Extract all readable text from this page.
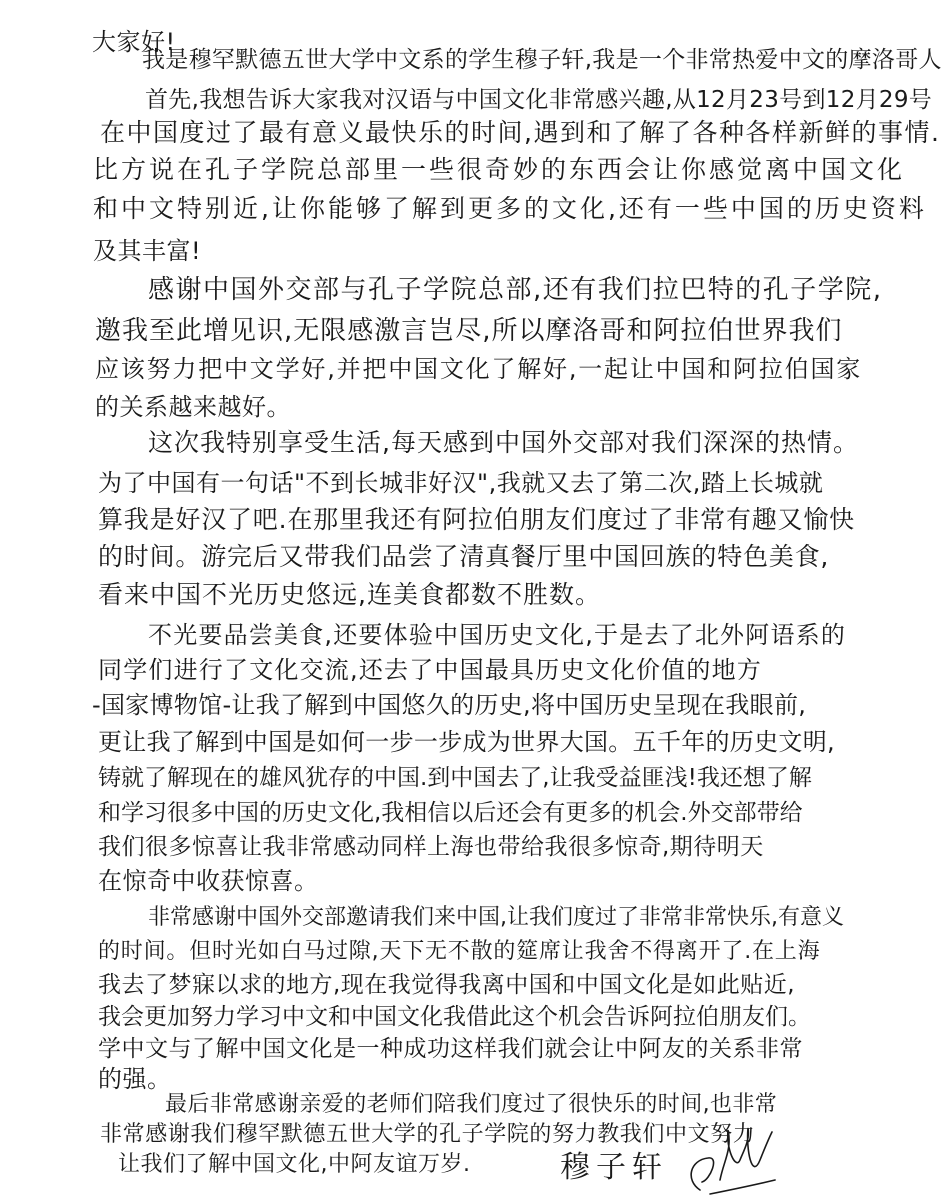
大家好!
我是穆罕默德五世大学中文系的学生穆子轩,我是一个非常热爱中文的摩洛哥人
首先,我想告诉大家我对汉语与中国文化非常感兴趣,从12月23号到12月29号
在中国度过了最有意义最快乐的时间,遇到和了解了各种各样新鲜的事情.
比方说在孔子学院总部里一些很奇妙的东西会让你感觉离中国文化
和中文特别近,让你能够了解到更多的文化,还有一些中国的历史资料
及其丰富!
感谢中国外交部与孔子学院总部,还有我们拉巴特的孔子学院,
邀我至此增见识,无限感激言岂尽,所以摩洛哥和阿拉伯世界我们
应该努力把中文学好,并把中国文化了解好,一起让中国和阿拉伯国家
的关系越来越好。
这次我特别享受生活,每天感到中国外交部对我们深深的热情。
为了中国有一句话"不到长城非好汉",我就又去了第二次,踏上长城就
算我是好汉了吧.在那里我还有阿拉伯朋友们度过了非常有趣又愉快
的时间。游完后又带我们品尝了清真餐厅里中国回族的特色美食,
看来中国不光历史悠远,连美食都数不胜数。
不光要品尝美食,还要体验中国历史文化,于是去了北外阿语系的
同学们进行了文化交流,还去了中国最具历史文化价值的地方
-国家博物馆-让我了解到中国悠久的历史,将中国历史呈现在我眼前,
更让我了解到中国是如何一步一步成为世界大国。五千年的历史文明,
铸就了解现在的雄风犹存的中国.到中国去了,让我受益匪浅!我还想了解
和学习很多中国的历史文化,我相信以后还会有更多的机会.外交部带给
我们很多惊喜让我非常感动同样上海也带给我很多惊奇,期待明天
在惊奇中收获惊喜。
非常感谢中国外交部邀请我们来中国,让我们度过了非常非常快乐,有意义
的时间。但时光如白马过隙,天下无不散的筵席让我舍不得离开了.在上海
我去了梦寐以求的地方,现在我觉得我离中国和中国文化是如此贴近,
我会更加努力学习中文和中国文化我借此这个机会告诉阿拉伯朋友们。
学中文与了解中国文化是一种成功这样我们就会让中阿友的关系非常
的强。
最后非常感谢亲爱的老师们陪我们度过了很快乐的时间,也非常
非常感谢我们穆罕默德五世大学的孔子学院的努力教我们中文努力
让我们了解中国文化,中阿友谊万岁.	穆子轩
